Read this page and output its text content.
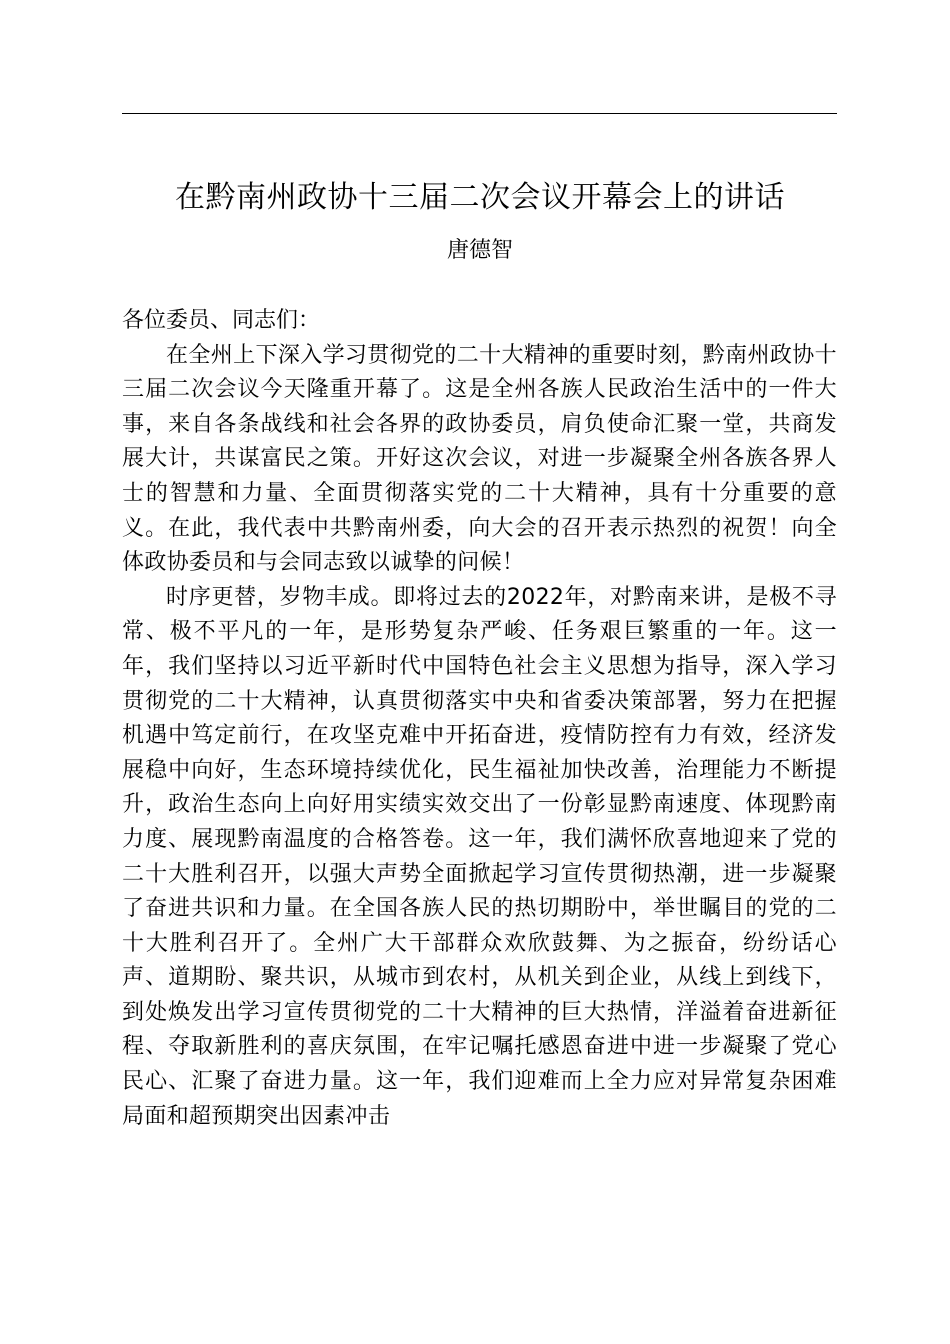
在黔南州政协十三届二次会议开幕会上的讲话
唐德智

各位委员、同志们：

在全州上下深入学习贯彻党的二十大精神的重要时刻，黔南州政协十三届二次会议今天隆重开幕了。这是全州各族人民政治生活中的一件大事，来自各条战线和社会各界的政协委员，肩负使命汇聚一堂，共商发展大计，共谋富民之策。开好这次会议，对进一步凝聚全州各族各界人士的智慧和力量、全面贯彻落实党的二十大精神，具有十分重要的意义。在此，我代表中共黔南州委，向大会的召开表示热烈的祝贺！向全体政协委员和与会同志致以诚挚的问候！

时序更替，岁物丰成。即将过去的2022年，对黔南来讲，是极不寻常、极不平凡的一年，是形势复杂严峻、任务艰巨繁重的一年。这一年，我们坚持以习近平新时代中国特色社会主义思想为指导，深入学习贯彻党的二十大精神，认真贯彻落实中央和省委决策部署，努力在把握机遇中笃定前行，在攻坚克难中开拓奋进，疫情防控有力有效，经济发展稳中向好，生态环境持续优化，民生福祉加快改善，治理能力不断提升，政治生态向上向好用实绩实效交出了一份彰显黔南速度、体现黔南力度、展现黔南温度的合格答卷。这一年，我们满怀欣喜地迎来了党的二十大胜利召开，以强大声势全面掀起学习宣传贯彻热潮，进一步凝聚了奋进共识和力量。在全国各族人民的热切期盼中，举世瞩目的党的二十大胜利召开了。全州广大干部群众欢欣鼓舞、为之振奋，纷纷话心声、道期盼、聚共识，从城市到农村，从机关到企业，从线上到线下，到处焕发出学习宣传贯彻党的二十大精神的巨大热情，洋溢着奋进新征程、夺取新胜利的喜庆氛围，在牢记嘱托感恩奋进中进一步凝聚了党心民心、汇聚了奋进力量。这一年，我们迎难而上全力应对异常复杂困难局面和超预期突出因素冲击
